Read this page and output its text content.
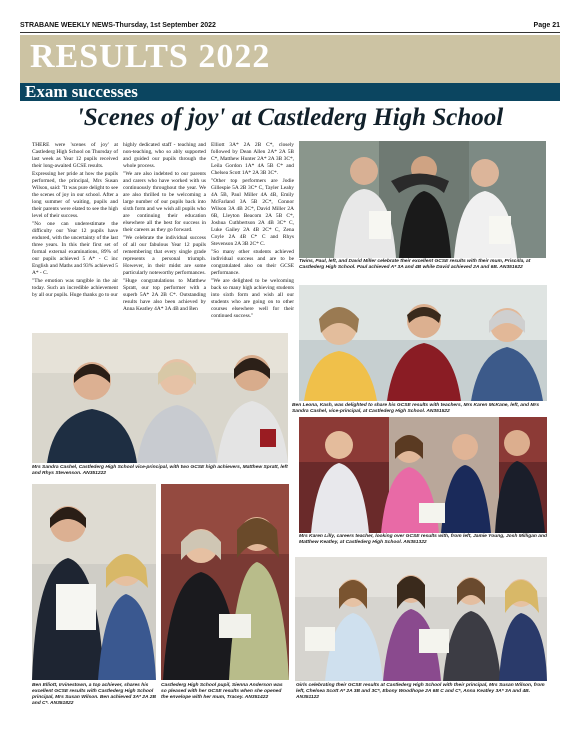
STRABANE WEEKLY NEWS-Thursday, 1st September 2022	Page 21
RESULTS 2022
Exam successes
'Scenes of joy' at Castlederg High School

THERE were 'scenes of joy' at Castlederg High School on Thursday of last week as Year 12 pupils received their long-awaited GCSE results.

Expressing her pride at how the pupils performed, the principal, Mrs Susan Wilson, said: "It was pure delight to see the scenes of joy in our school. After a long summer of waiting, pupils and their parents were elated to see the high level of their success.

"No one can underestimate the difficulty our Year 12 pupils have endured, with the uncertainty of the last three years. In this their first set of formal external examinations, 89% of our pupils achieved 5 A* - C inc English and Maths and 93% achieved 5 A* - C.

"The emotion was tangible in the air today. Such an incredible achievement by all our pupils. Huge thanks go to our

highly dedicated staff - teaching and non-teaching, who so ably supported and guided our pupils through the whole process.

"We are also indebted to our parents and carers who have worked with us continuously throughout the year. We are also thrilled to be welcoming a large number of our pupils back into sixth form and we wish all pupils who are continuing their education elsewhere all the best for success in their careers as they go forward.

"We celebrate the individual success of all our fabulous Year 12 pupils remembering that every single grade represents a personal triumph. However, in their midst are some particularly noteworthy performances.

"Huge congratulations to Matthew Spratt, our top performer with a superb 5A* 2A 2B C*. Outstanding results have also been achieved by Anna Keatley 4A* 3A 4B and Ben

Elliott 3A* 2A 2B C*, closely followed by Dean Allen 2A* 2A 5B C*, Matthew Hunter 2A* 2A 3B 3C*, Leila Gordon 1A* 4A 5B C* and Chelsea Scott 1A* 2A 3B 3C*.

"Other top performers are Jodie Gillespie 5A 2B 3C* C, Tayler Leahy 4A 5B, Paul Miller 4A 4B, Emily McFarland 3A 5B 2C*, Connor Wilson 3A 4B 2C*, David Miller 2A 6B, Lleyton Beacom 2A 5B C*, Joshua Cuthbertson 2A 4B 3C* C, Luke Gailey 2A 4B 2C* C, Zena Coyle 2A 4B C* C and Rhys Stevenson 2A 3B 2C* C.

"So many other students achieved individual success and are to be congratulated also on their GCSE performance.

"We are delighted to be welcoming back so many high achieving students into sixth form and wish all our students who are going on to other courses elsewhere well for their continued success."

Twins, Paul, left, and David Miller celebrate their excellent GCSE results with their mum, Priscilla, at Castlederg High School. Paul achieved A* 3A and 4B while David achieved 2A and 6B. AN351622
Ben Leona, Kash, was delighted to share his GCSE results with teachers, Mrs Karen McKane, left, and Mrs Sandra Cashel, vice-principal, at Castlederg High School. AN351522
Mrs Sandra Cashel, Castlederg High School vice-principal, with two GCSE high achievers, Matthew Spratt, left and Rhys Stevenson. AN351222
Mrs Karen Lilly, careers teacher, looking over GCSE results with, from left, Jamie Young, Josh Milligan and Matthew Keatley, at Castlederg High School. AN351322
Ben Elliott, Irvinestown, a top achiever, shares his excellent GCSE results with Castlederg High School principal, Mrs Susan Wilson. Ben achieved 3A* 2A 2B and C*. AN351822
Castlederg High School pupil, Sienna Anderson was so pleased with her GCSE results when she opened the envelope with her mum, Tracey. AN351422
Girls celebrating their GCSE results at Castlederg High School with their principal, Mrs Susan Wilson, from left, Chelsea Scott A* 2A 3B and 3C*, Ebony Woodhope 2A 6B C and C*, Anna Keatley 3A* 3A and 4B. AN351122
